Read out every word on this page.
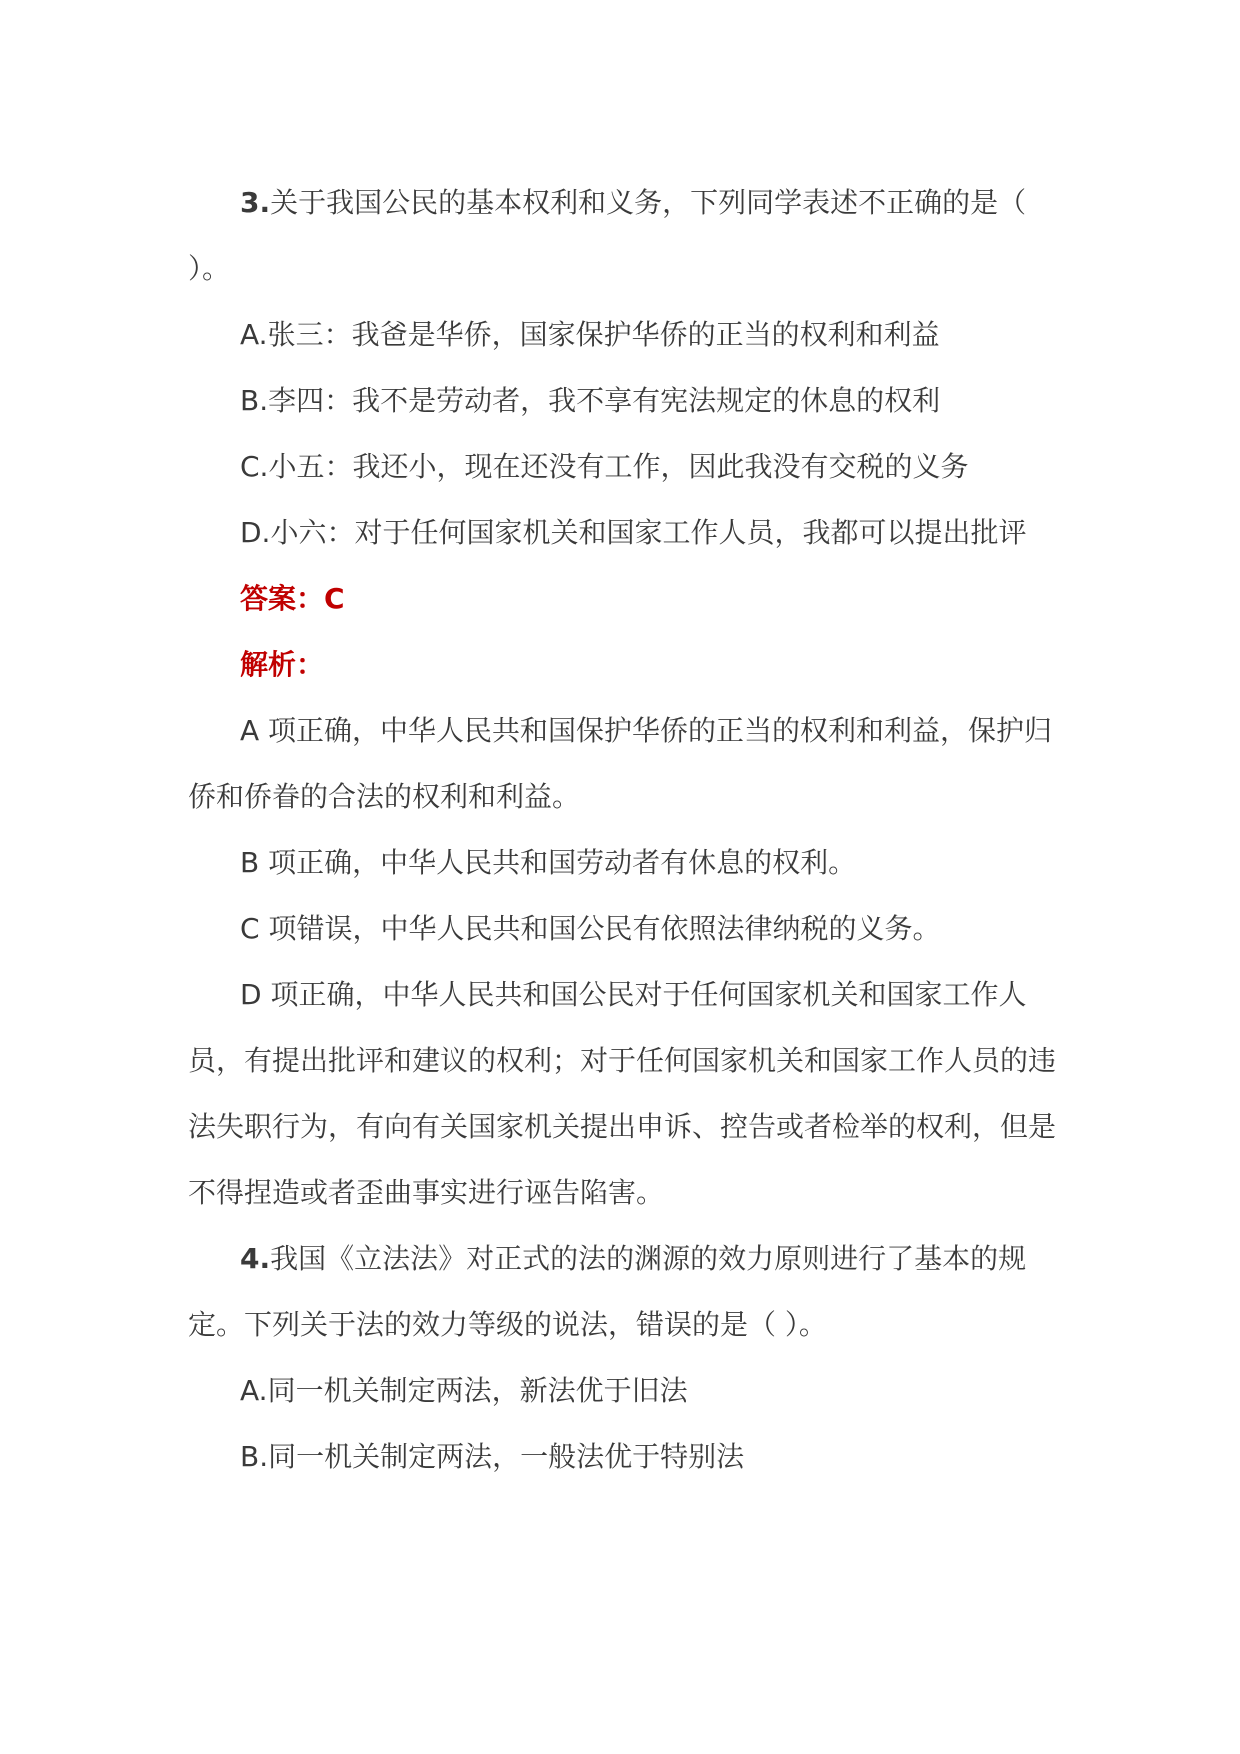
3.关于我国公民的基本权利和义务，下列同学表述不正确的是（ ）。

A.张三：我爸是华侨，国家保护华侨的正当的权利和利益

B.李四：我不是劳动者，我不享有宪法规定的休息的权利

C.小五：我还小，现在还没有工作，因此我没有交税的义务

D.小六：对于任何国家机关和国家工作人员，我都可以提出批评

答案：C

解析：

A 项正确，中华人民共和国保护华侨的正当的权利和利益，保护归侨和侨眷的合法的权利和利益。

B 项正确，中华人民共和国劳动者有休息的权利。

C 项错误，中华人民共和国公民有依照法律纳税的义务。

D 项正确，中华人民共和国公民对于任何国家机关和国家工作人员，有提出批评和建议的权利；对于任何国家机关和国家工作人员的违法失职行为，有向有关国家机关提出申诉、控告或者检举的权利，但是不得捏造或者歪曲事实进行诬告陷害。

4.我国《立法法》对正式的法的渊源的效力原则进行了基本的规定。下列关于法的效力等级的说法，错误的是（ ）。

A.同一机关制定两法，新法优于旧法

B.同一机关制定两法，一般法优于特别法
